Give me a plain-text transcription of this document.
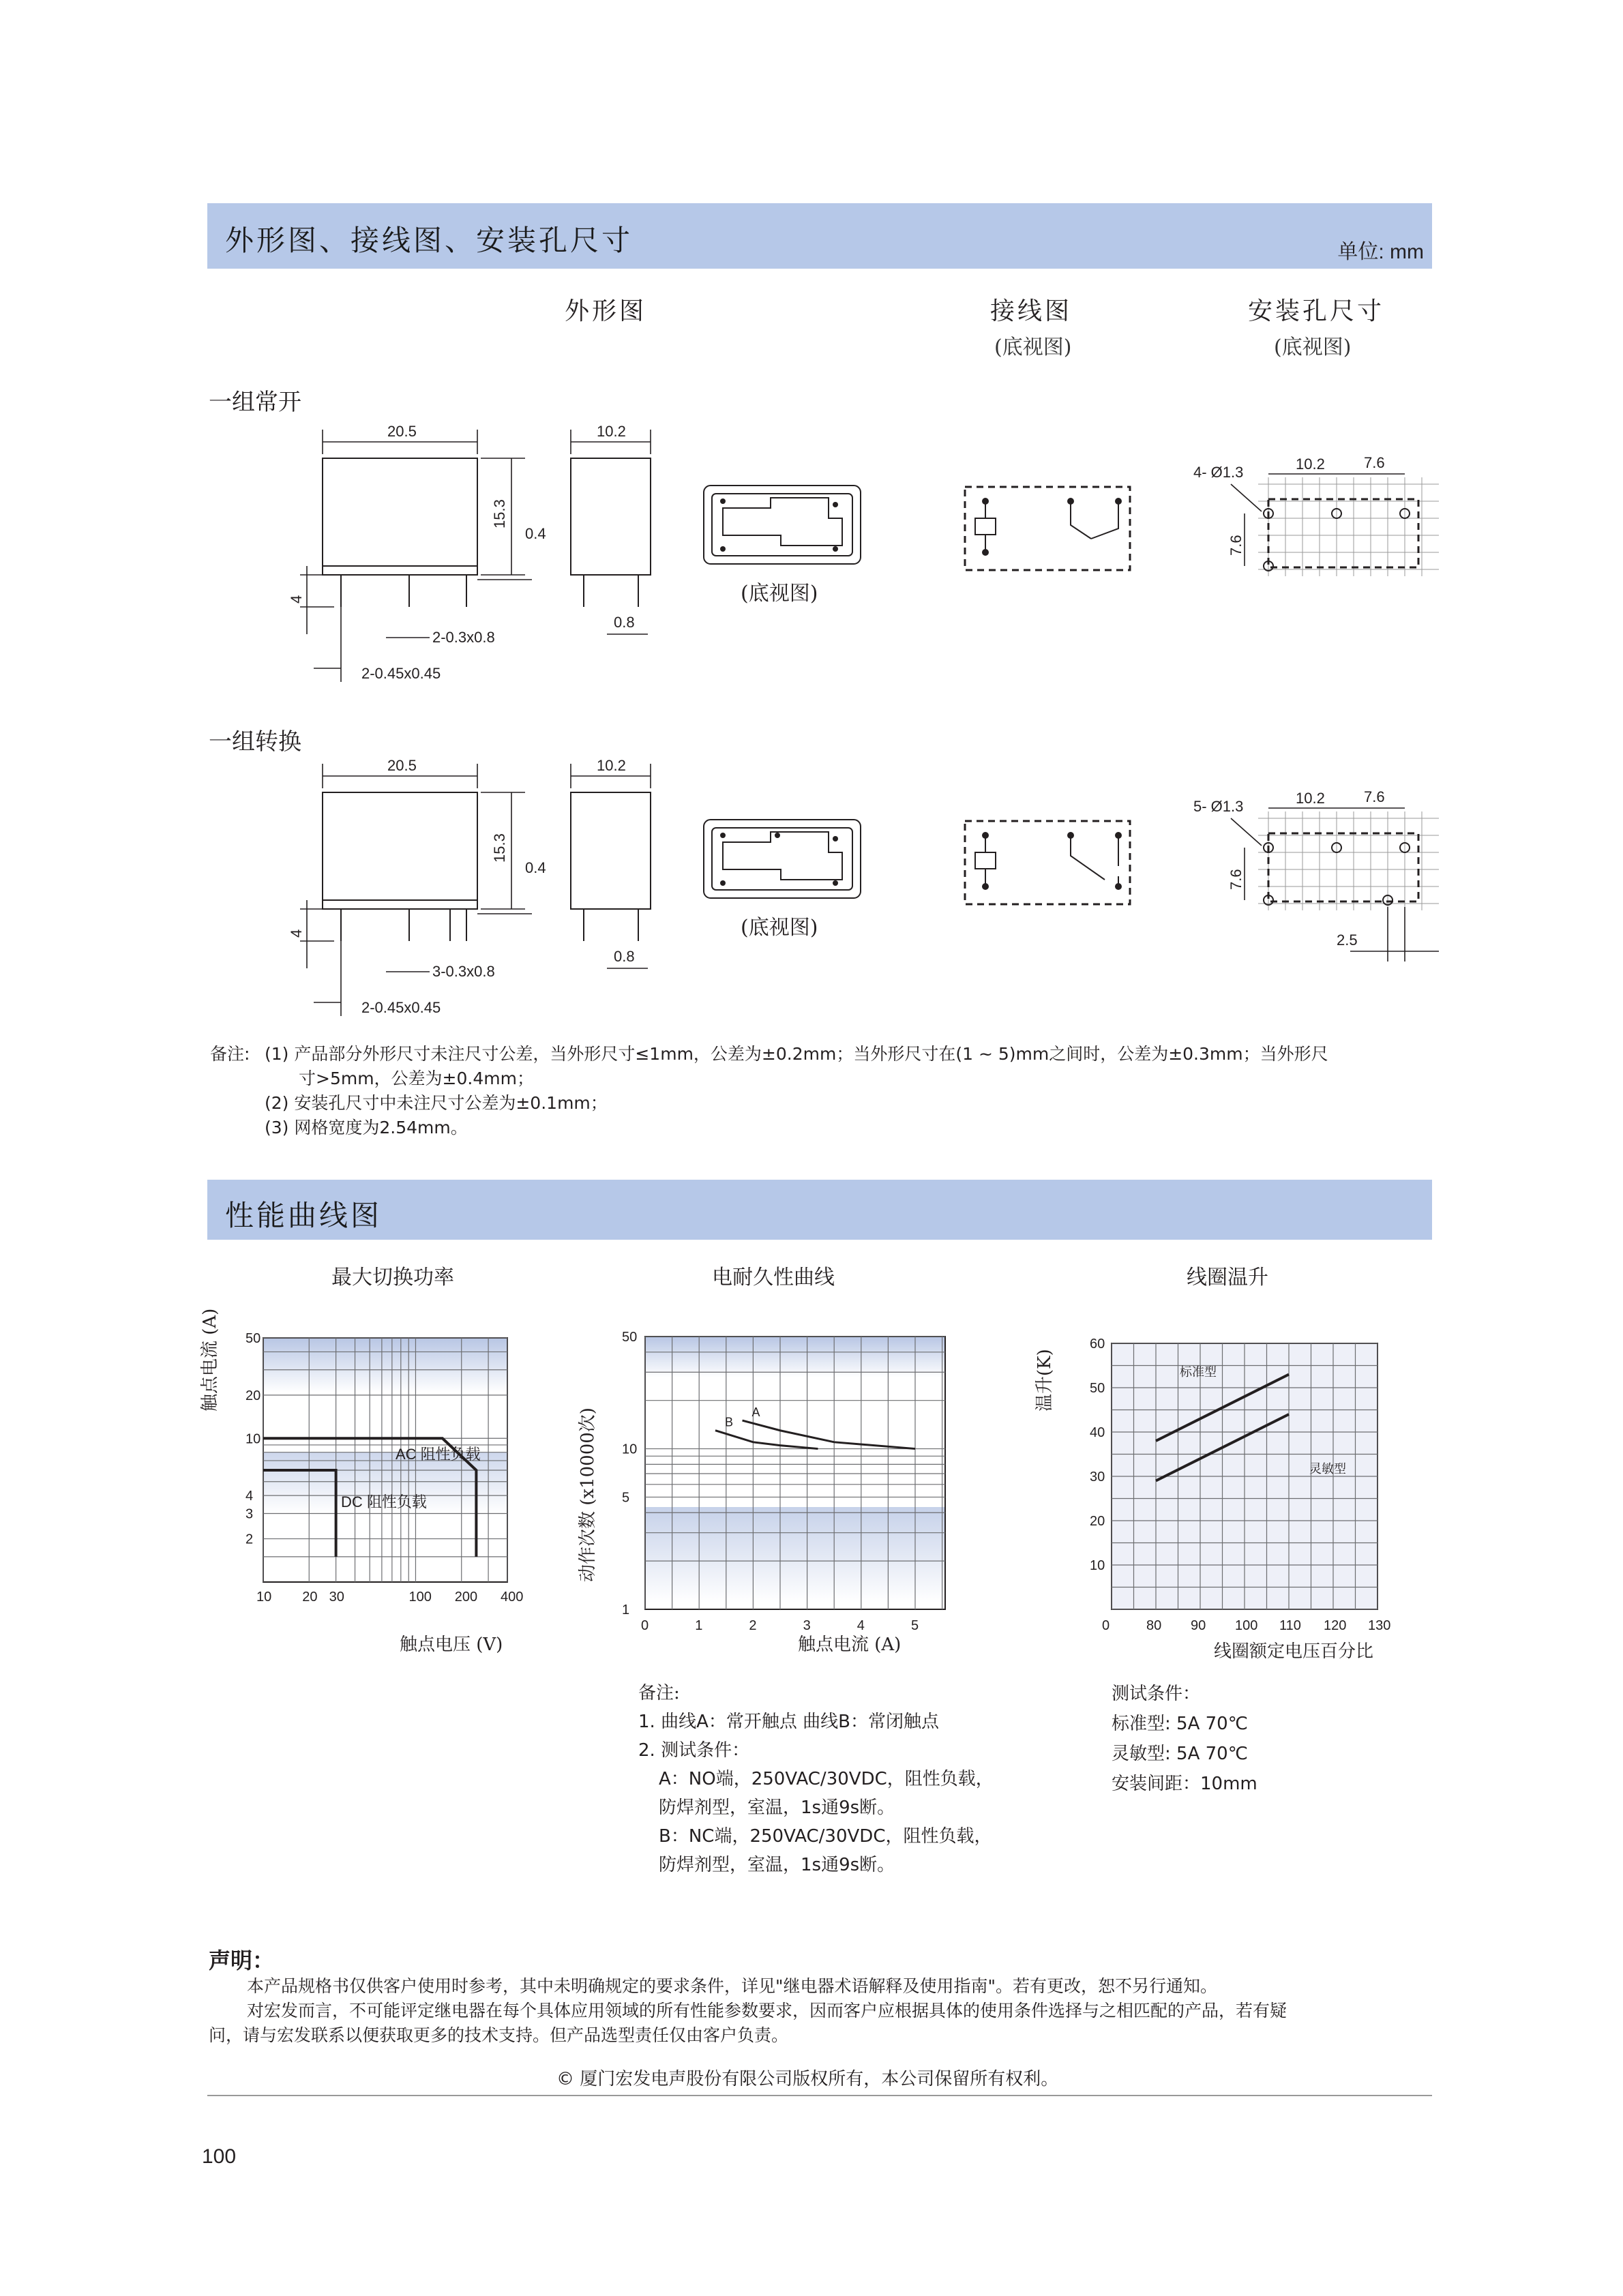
外形图、接线图、安装孔尺寸	单位: mm
外形图	接线图
(底视图)
安装孔尺寸
(底视图)
一组常开
20.5
15.3
0.4
4
2-0.3x0.8
2-0.45x0.45
10.2
0.8
(底视图)
4- Ø1.3	10.2	7.6
7.6
一组转换
20.5
15.3
0.4
4
3-0.3x0.8
2-0.45x0.45
10.2
0.8
(底视图)
5- Ø1.3	10.2	7.6
7.6
2.5
备注: (1) 产品部分外形尺寸未注尺寸公差，当外形尺寸≤1mm，公差为±0.2mm；当外形尺寸在(1 ~ 5)mm之间时，公差为±0.3mm；当外形尺
寸>5mm，公差为±0.4mm；
(2) 安装孔尺寸中未注尺寸公差为±0.1mm；
(3) 网格宽度为2.54mm。
性能曲线图
最大切换功率	电耐久性曲线	线圈温升
10 20 30	100 200 400
2
3
4
10
20
50
DC 阻性负载
AC 阻性负载
触点电流 (A)
触点电压 (V)
A
B
0	1	2	3	4	5
1
5
10
50
动作次数 (x10000次)
触点电流 (A)
标准型
灵敏型
0	80 90 100 110 120 130
10
20
30
40
50
60
温升(K)
线圈额定电压百分比
备注:
1. 曲线A：常开触点 曲线B：常闭触点
2. 测试条件：
A：NO端，250VAC/30VDC，阻性负载，
防焊剂型，室温，1s通9s断。
B：NC端，250VAC/30VDC，阻性负载，
防焊剂型，室温，1s通9s断。
测试条件：
标准型: 5A 70℃
灵敏型: 5A 70℃
安装间距：10mm
声明：
本产品规格书仅供客户使用时参考，其中未明确规定的要求条件，详见"继电器术语解释及使用指南"。若有更改，恕不另行通知。
对宏发而言，不可能评定继电器在每个具体应用领域的所有性能参数要求，因而客户应根据具体的使用条件选择与之相匹配的产品，若有疑
问，请与宏发联系以便获取更多的技术支持。但产品选型责任仅由客户负责。
© 厦门宏发电声股份有限公司版权所有，本公司保留所有权利。
100
